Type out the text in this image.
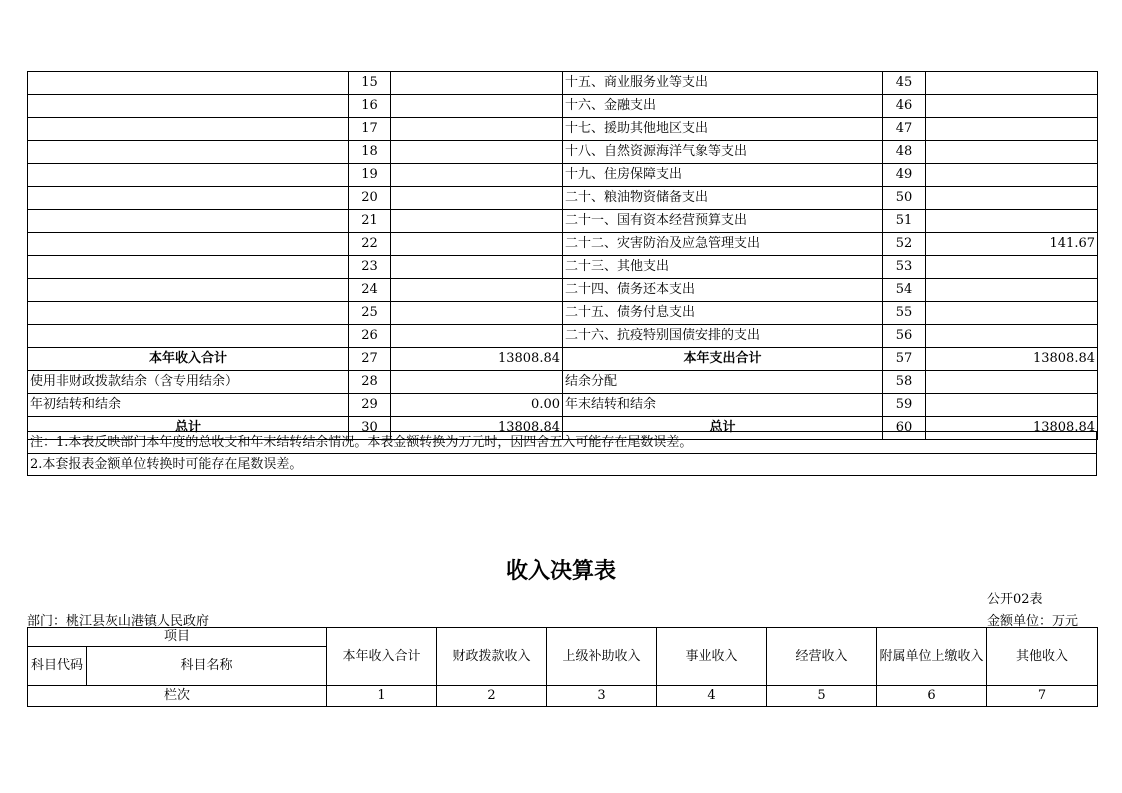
	15		十五、商业服务业等支出	45	
	16		十六、金融支出	46	
	17		十七、援助其他地区支出	47	
	18		十八、自然资源海洋气象等支出	48	
	19		十九、住房保障支出	49	
	20		二十、粮油物资储备支出	50	
	21		二十一、国有资本经营预算支出	51	
	22		二十二、灾害防治及应急管理支出	52	141.67
	23		二十三、其他支出	53	
	24		二十四、债务还本支出	54	
	25		二十五、债务付息支出	55	
	26		二十六、抗疫特别国债安排的支出	56	
本年收入合计	27	13808.84	本年支出合计	57	13808.84
使用非财政拨款结余（含专用结余）	28		结余分配	58	
年初结转和结余	29	0.00	年末结转和结余	59	
总计	30	13808.84	总计	60	13808.84
注：1.本表反映部门本年度的总收支和年末结转结余情况。本表金额转换为万元时，因四舍五入可能存在尾数误差。
2.本套报表金额单位转换时可能存在尾数误差。
收入决算表
公开02表
部门：桃江县灰山港镇人民政府	金额单位：万元
项目		本年收入合计	财政拨款收入	上级补助收入	事业收入	经营收入	附属单位上缴收入	其他收入
科目代码	科目名称							
栏次		1	2	3	4	5	6	7
